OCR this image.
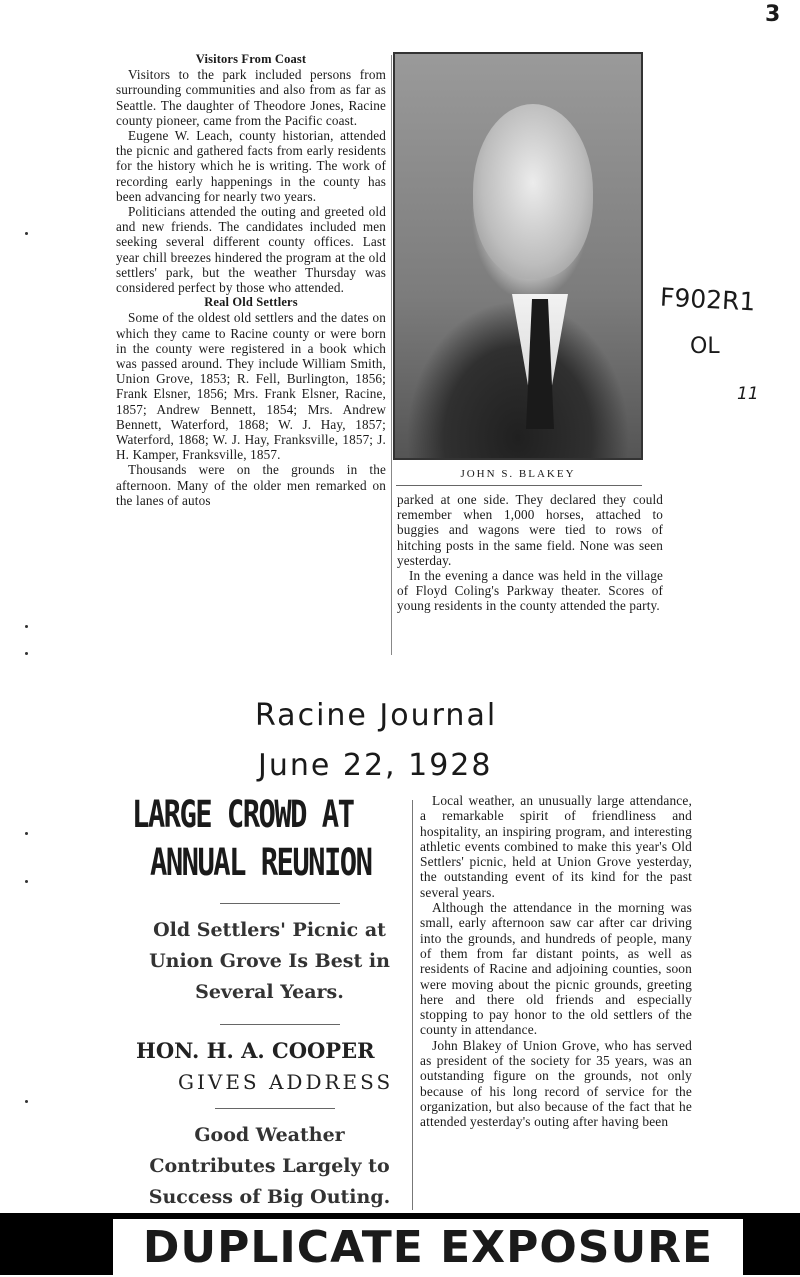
3
F902R1
OL
11
Visitors From Coast

Visitors to the park included persons from surrounding communities and also from as far as Seattle. The daughter of Theodore Jones, Racine county pioneer, came from the Pacific coast.

Eugene W. Leach, county historian, attended the picnic and gathered facts from early residents for the history which he is writing. The work of recording early happenings in the county has been advancing for nearly two years.

Politicians attended the outing and greeted old and new friends. The candidates included men seeking several different county offices. Last year chill breezes hindered the program at the old settlers' park, but the weather Thursday was considered perfect by those who attended.

Real Old Settlers

Some of the oldest old settlers and the dates on which they came to Racine county or were born in the county were registered in a book which was passed around. They include William Smith, Union Grove, 1853; R. Fell, Burlington, 1856; Frank Elsner, 1856; Mrs. Frank Elsner, Racine, 1857; Andrew Bennett, 1854; Mrs. Andrew Bennett, Waterford, 1868; W. J. Hay, 1857; Waterford, 1868; W. J. Hay, Franksville, 1857; J. H. Kamper, Franksville, 1857.

Thousands were on the grounds in the afternoon. Many of the older men remarked on the lanes of autos

JOHN S. BLAKEY

parked at one side. They declared they could remember when 1,000 horses, attached to buggies and wagons were tied to rows of hitching posts in the same field. None was seen yesterday.

In the evening a dance was held in the village of Floyd Coling's Parkway theater. Scores of young residents in the county attended the party.

Racine Journal
June 22, 1928
LARGE CROWD AT
ANNUAL REUNION
Old Settlers' Picnic at Union Grove Is Best in Several Years.
HON. H. A. COOPER
GIVES ADDRESS
Good Weather Contributes Largely to Success of Big Outing.

Local weather, an unusually large attendance, a remarkable spirit of friendliness and hospitality, an inspiring program, and interesting athletic events combined to make this year's Old Settlers' picnic, held at Union Grove yesterday, the outstanding event of its kind for the past several years.

Although the attendance in the morning was small, early afternoon saw car after car driving into the grounds, and hundreds of people, many of them from far distant points, as well as residents of Racine and adjoining counties, soon were moving about the picnic grounds, greeting here and there old friends and especially stopping to pay honor to the old settlers of the county in attendance.

John Blakey of Union Grove, who has served as president of the society for 35 years, was an outstanding figure on the grounds, not only because of his long record of service for the organization, but also because of the fact that he attended yesterday's outing after having been

DUPLICATE EXPOSURE
